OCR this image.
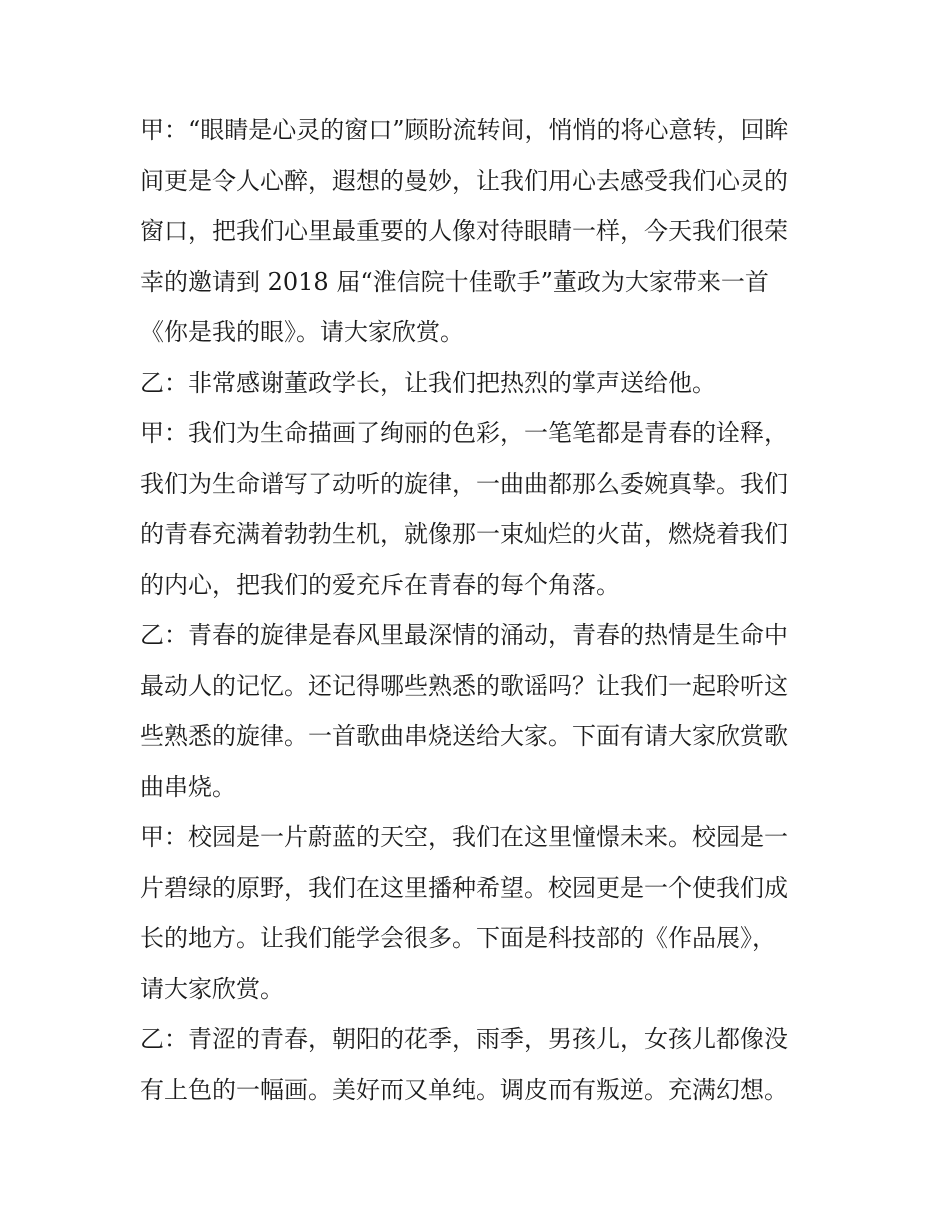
甲：“眼睛是心灵的窗口”顾盼流转间，悄悄的将心意转，回眸
间更是令人心醉，遐想的曼妙，让我们用心去感受我们心灵的
窗口，把我们心里最重要的人像对待眼睛一样，今天我们很荣
幸的邀请到 2018 届“淮信院十佳歌手”董政为大家带来一首
《你是我的眼》。请大家欣赏。
乙：非常感谢董政学长，让我们把热烈的掌声送给他。
甲：我们为生命描画了绚丽的色彩，一笔笔都是青春的诠释，
我们为生命谱写了动听的旋律，一曲曲都那么委婉真挚。我们
的青春充满着勃勃生机，就像那一束灿烂的火苗，燃烧着我们
的内心，把我们的爱充斥在青春的每个角落。
乙：青春的旋律是春风里最深情的涌动，青春的热情是生命中
最动人的记忆。还记得哪些熟悉的歌谣吗？让我们一起聆听这
些熟悉的旋律。一首歌曲串烧送给大家。下面有请大家欣赏歌
曲串烧。
甲：校园是一片蔚蓝的天空，我们在这里憧憬未来。校园是一
片碧绿的原野，我们在这里播种希望。校园更是一个使我们成
长的地方。让我们能学会很多。下面是科技部的《作品展》，
请大家欣赏。
乙：青涩的青春，朝阳的花季，雨季，男孩儿，女孩儿都像没
有上色的一幅画。美好而又单纯。调皮而有叛逆。充满幻想。
